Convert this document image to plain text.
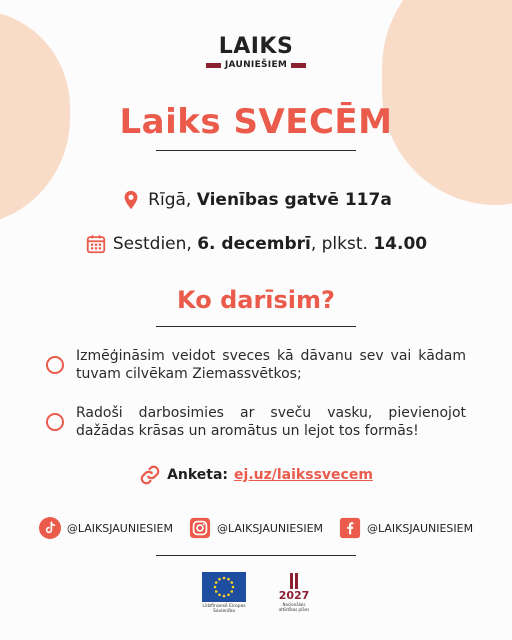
LAIKS
JAUNIEŠIEM
Laiks SVECĒM
Rīgā, Vienības gatvē 117a
Sestdien, 6. decembrī, plkst. 14.00
Ko darīsim?
Izmēģināsim veidot sveces kā dāvanu sev vai kādam tuvam cilvēkam Ziemassvētkos;
Radoši darbosimies ar sveču vasku, pievienojot dažādas krāsas un aromātus un lejot tos formās!
Anketa: ej.uz/laikssvecem
@LAIKSJAUNIESIEM	@LAIKSJAUNIESIEM	@LAIKSJAUNIESIEM
Līdzfinansē Eiropas Savienība
2027
Nacionālais attīstības plāns
